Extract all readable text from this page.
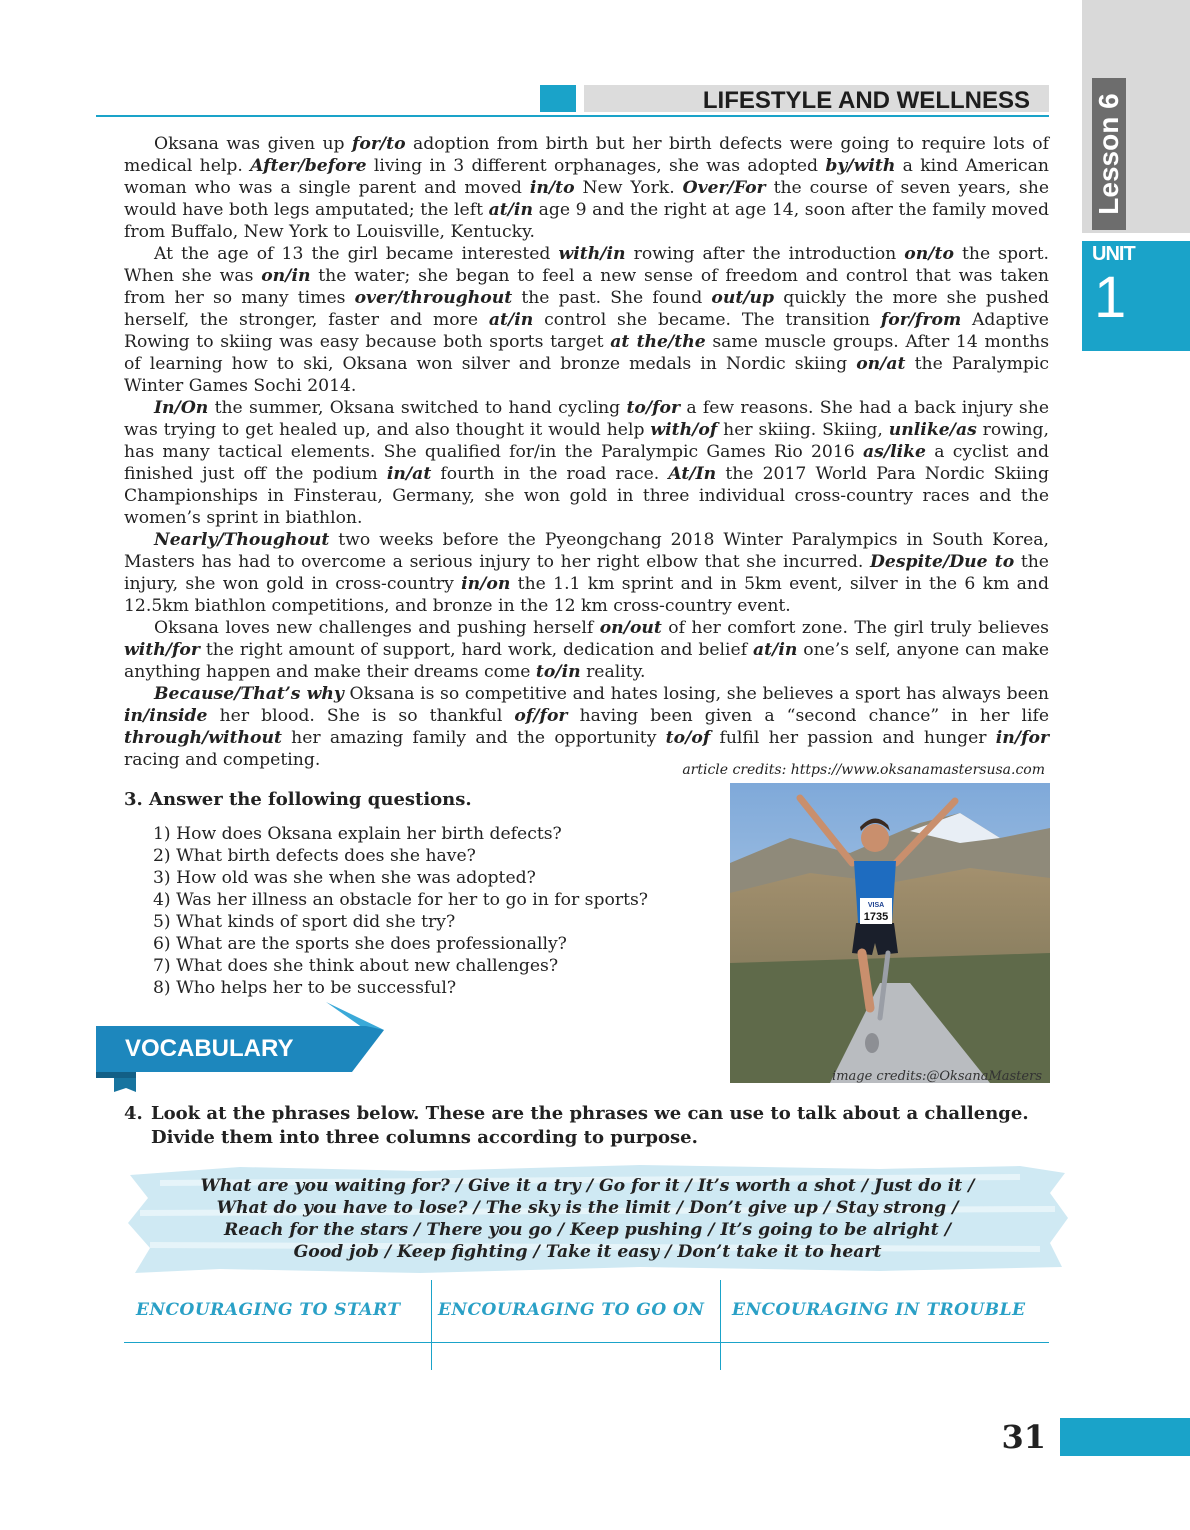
LIFESTYLE AND WELLNESS Lesson 6
UNIT
1

Oksana was given up for/to adoption from birth but her birth defects were going to require lots of medical help. After/before living in 3 different orphanages, she was adopted by/with a kind American woman who was a single parent and moved in/to New York. Over/For the course of seven years, she would have both legs amputated; the left at/in age 9 and the right at age 14, soon after the family moved from Buffalo, New York to Louisville, Kentucky.

At the age of 13 the girl became interested with/in rowing after the introduction on/to the sport. When she was on/in the water; she began to feel a new sense of freedom and control that was taken from her so many times over/throughout the past. She found out/up quickly the more she pushed herself, the stronger, faster and more at/in control she became. The transition for/from Adaptive Rowing to skiing was easy because both sports target at the/the same muscle groups. After 14 months of learning how to ski, Oksana won silver and bronze medals in Nordic skiing on/at the Paralympic Winter Games Sochi 2014.

In/On the summer, Oksana switched to hand cycling to/for a few reasons. She had a back injury she was trying to get healed up, and also thought it would help with/of her skiing. Skiing, unlike/as rowing, has many tactical elements. She qualified for/in the Paralympic Games Rio 2016 as/like a cyclist and finished just off the podium in/at fourth in the road race. At/In the 2017 World Para Nordic Skiing Championships in Finsterau, Germany, she won gold in three individual cross-country races and the women’s sprint in biathlon.

Nearly/Thoughout two weeks before the Pyeongchang 2018 Winter Paralympics in South Korea, Masters has had to overcome a serious injury to her right elbow that she incurred. Despite/Due to the injury, she won gold in cross-country in/on the 1.1 km sprint and in 5km event, silver in the 6 km and 12.5km biathlon competitions, and bronze in the 12 km cross-country event.

Oksana loves new challenges and pushing herself on/out of her comfort zone. The girl truly believes with/for the right amount of support, hard work, dedication and belief at/in one’s self, anyone can make anything happen and make their dreams come to/in reality.

Because/That’s why Oksana is so competitive and hates losing, she believes a sport has always been in/inside her blood. She is so thankful of/for having been given a “second chance” in her life through/without her amazing family and the opportunity to/of fulfil her passion and hunger in/for racing and competing.	article credits: https://www.oksanamastersusa.com
3. Answer the following questions.
1) How does Oksana explain her birth defects?
2) What birth defects does she have?
3) How old was she when she was adopted?
4) Was her illness an obstacle for her to go in for sports?
5) What kinds of sport did she try?
6) What are the sports she does professionally?
7) What does she think about new challenges?
8) Who helps her to be successful?
VISA
1735
image credits:@OksanaMasters
VOCABULARY
4. Look at the phrases below. These are the phrases we can use to talk about a challenge.
Divide them into three columns according to purpose.
What are you waiting for? / Give it a try / Go for it / It’s worth a shot / Just do it /
What do you have to lose? / The sky is the limit / Don’t give up / Stay strong /
Reach for the stars / There you go / Keep pushing / It’s going to be alright /
Good job / Keep fighting / Take it easy / Don’t take it to heart
ENCOURAGING TO START ENCOURAGING TO GO ON ENCOURAGING IN TROUBLE
31
